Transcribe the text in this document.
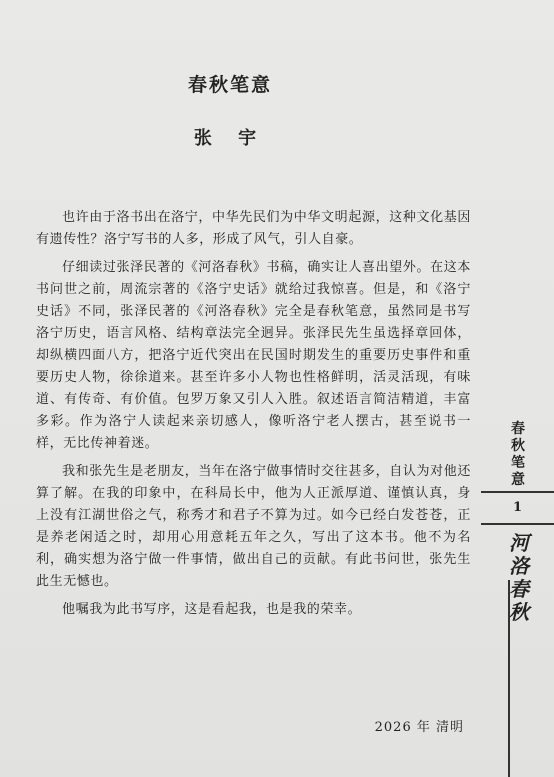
春秋笔意
张 宇

也许由于洛书出在洛宁，中华先民们为中华文明起源，这种文化基因有遗传性？洛宁写书的人多，形成了风气，引人自豪。

仔细读过张泽民著的《河洛春秋》书稿，确实让人喜出望外。在这本书问世之前，周流宗著的《洛宁史话》就给过我惊喜。但是，和《洛宁史话》不同，张泽民著的《河洛春秋》完全是春秋笔意，虽然同是书写洛宁历史，语言风格、结构章法完全迥异。张泽民先生虽选择章回体，却纵横四面八方，把洛宁近代突出在民国时期发生的重要历史事件和重要历史人物，徐徐道来。甚至许多小人物也性格鲜明，活灵活现，有味道、有传奇、有价值。包罗万象又引人入胜。叙述语言简洁精道，丰富多彩。作为洛宁人读起来亲切感人，像听洛宁老人摆古，甚至说书一样，无比传神着迷。

我和张先生是老朋友，当年在洛宁做事情时交往甚多，自认为对他还算了解。在我的印象中，在科局长中，他为人正派厚道、谨慎认真，身上没有江湖世俗之气，称秀才和君子不算为过。如今已经白发苍苍，正是养老闲适之时，却用心用意耗五年之久，写出了这本书。他不为名利，确实想为洛宁做一件事情，做出自己的贡献。有此书问世，张先生此生无憾也。

他嘱我为此书写序，这是看起我，也是我的荣幸。

2026 年 清明
春秋笔意
1
河洛春秋
